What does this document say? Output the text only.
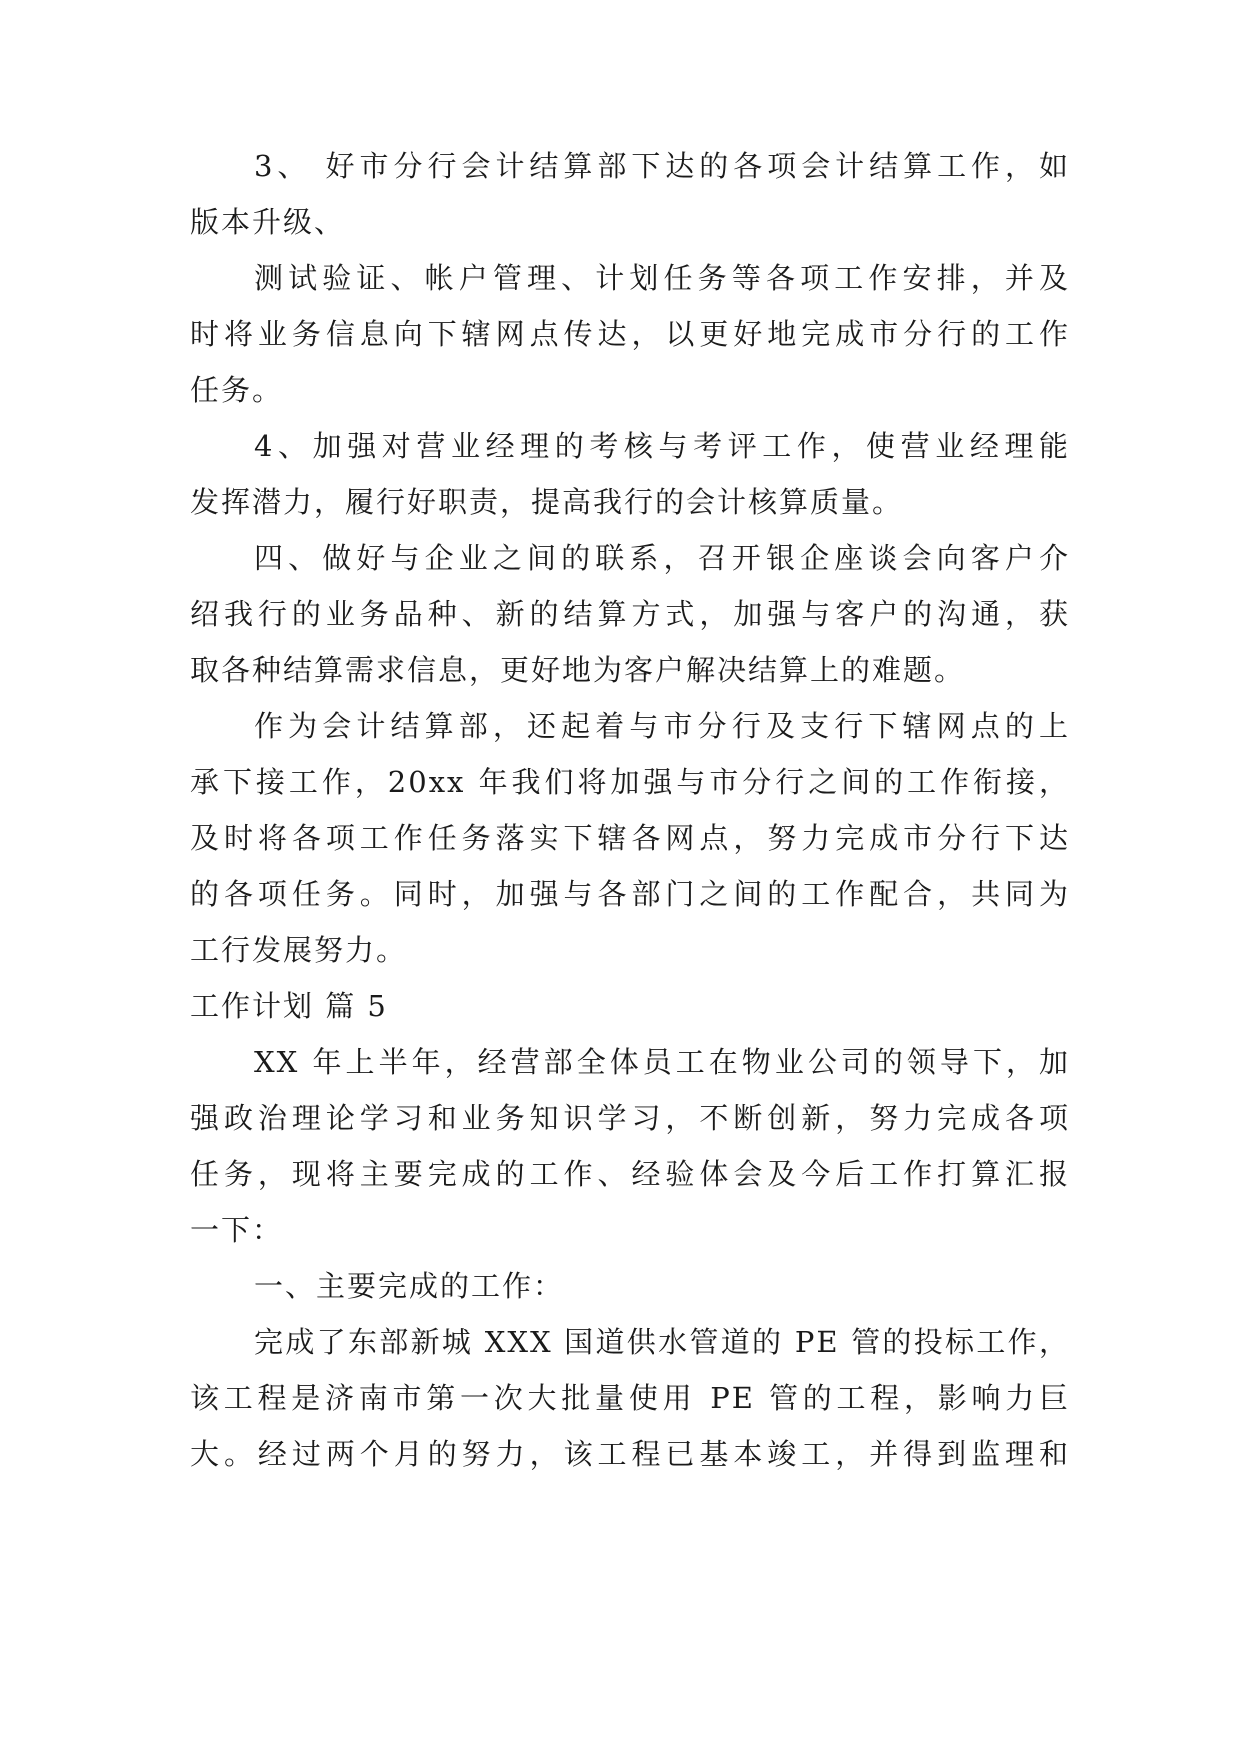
3、 好市分行会计结算部下达的各项会计结算工作，如
版本升级、
测试验证、帐户管理、计划任务等各项工作安排，并及
时将业务信息向下辖网点传达，以更好地完成市分行的工作
任务。
4、加强对营业经理的考核与考评工作，使营业经理能
发挥潜力，履行好职责，提高我行的会计核算质量。
四、做好与企业之间的联系，召开银企座谈会向客户介
绍我行的业务品种、新的结算方式，加强与客户的沟通，获
取各种结算需求信息，更好地为客户解决结算上的难题。
作为会计结算部，还起着与市分行及支行下辖网点的上
承下接工作，20xx 年我们将加强与市分行之间的工作衔接，
及时将各项工作任务落实下辖各网点，努力完成市分行下达
的各项任务。同时，加强与各部门之间的工作配合，共同为
工行发展努力。
工作计划 篇 5
XX 年上半年，经营部全体员工在物业公司的领导下，加
强政治理论学习和业务知识学习，不断创新，努力完成各项
任务，现将主要完成的工作、经验体会及今后工作打算汇报
一下：
一、主要完成的工作：
完成了东部新城 XXX 国道供水管道的 PE 管的投标工作，
该工程是济南市第一次大批量使用 PE 管的工程，影响力巨
大。经过两个月的努力，该工程已基本竣工，并得到监理和
